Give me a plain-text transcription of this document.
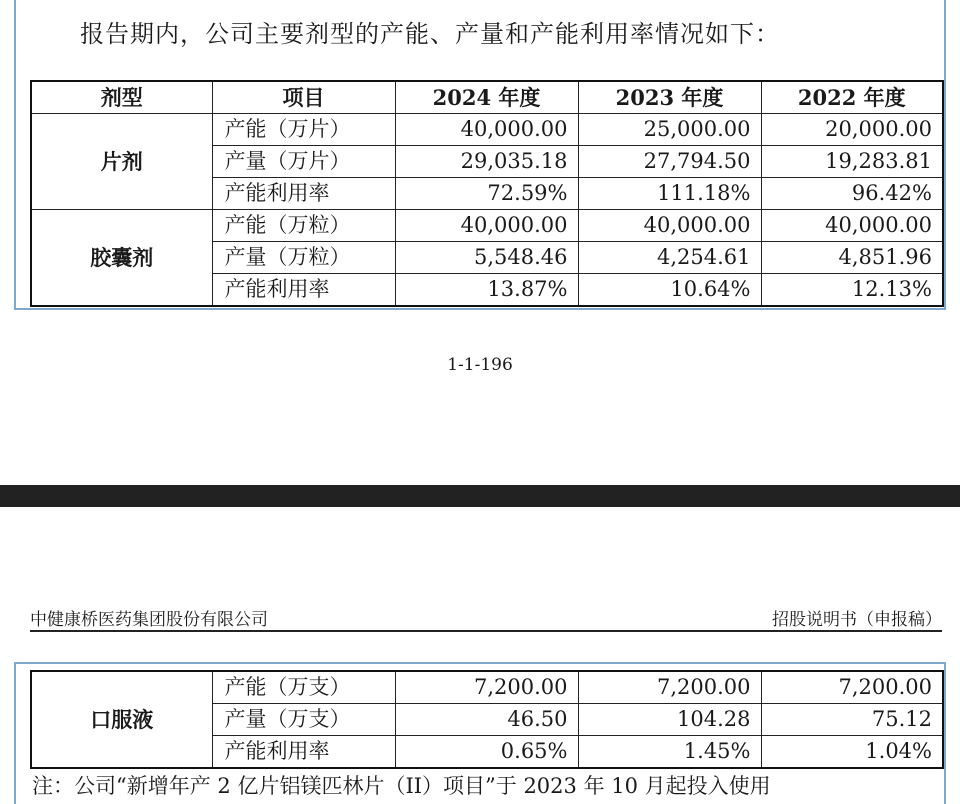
报告期内，公司主要剂型的产能、产量和产能利用率情况如下：
剂型	项目	2024 年度	2023 年度	2022 年度
片剂	产能（万片）	40,000.00	25,000.00	20,000.00
	产量（万片）	29,035.18	27,794.50	19,283.81
	产能利用率	72.59%	111.18%	96.42%
胶囊剂	产能（万粒）	40,000.00	40,000.00	40,000.00
	产量（万粒）	5,548.46	4,254.61	4,851.96
	产能利用率	13.87%	10.64%	12.13%
1-1-196
中健康桥医药集团股份有限公司	招股说明书（申报稿）
口服液	产能（万支）	7,200.00	7,200.00	7,200.00
	产量（万支）	46.50	104.28	75.12
	产能利用率	0.65%	1.45%	1.04%
注：公司“新增年产 2 亿片铝镁匹林片（II）项目”于 2023 年 10 月起投入使用
